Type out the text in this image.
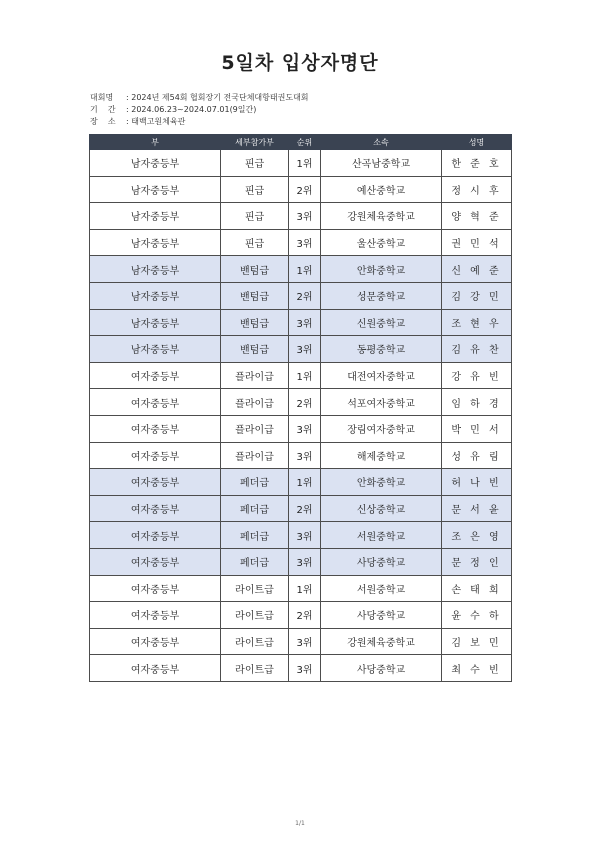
5일차 입상자명단
대회명 : 2024년 제54회 협회장기 전국단체대항태권도대회
기    간 : 2024.06.23~2024.07.01(9일간)
장    소 : 태백고원체육관
부	세부참가부	순위	소속	성명
남자중등부	핀급	1위	산곡남중학교	한 준 호
남자중등부	핀급	2위	예산중학교	정 시 후
남자중등부	핀급	3위	강원체육중학교	양 혁 준
남자중등부	핀급	3위	울산중학교	권 민 석
남자중등부	밴텀급	1위	안화중학교	신 예 준
남자중등부	밴텀급	2위	성문중학교	김 강 민
남자중등부	밴텀급	3위	신원중학교	조 현 우
남자중등부	밴텀급	3위	동평중학교	김 유 찬
여자중등부	플라이급	1위	대전여자중학교	강 유 빈
여자중등부	플라이급	2위	석포여자중학교	임 하 경
여자중등부	플라이급	3위	장림여자중학교	박 민 서
여자중등부	플라이급	3위	해제중학교	성 유 림
여자중등부	페더급	1위	안화중학교	허 나 빈
여자중등부	페더급	2위	신상중학교	문 서 윤
여자중등부	페더급	3위	서원중학교	조 은 영
여자중등부	페더급	3위	사당중학교	문 정 인
여자중등부	라이트급	1위	서원중학교	손 태 희
여자중등부	라이트급	2위	사당중학교	윤 수 하
여자중등부	라이트급	3위	강원체육중학교	김 보 민
여자중등부	라이트급	3위	사당중학교	최 수 빈
1/1
